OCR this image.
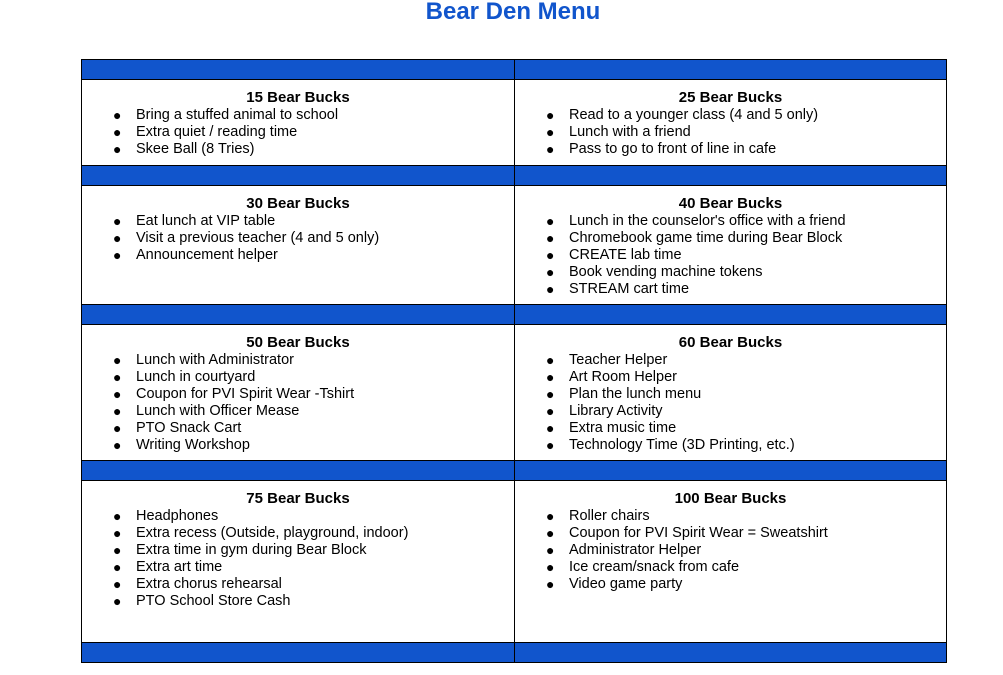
Bear Den Menu
15 Bear Bucks
● Bring a stuffed animal to school
● Extra quiet / reading time
● Skee Ball (8 Tries)
25 Bear Bucks
● Read to a younger class (4 and 5 only)
● Lunch with a friend
● Pass to go to front of line in cafe
30 Bear Bucks
● Eat lunch at VIP table
● Visit a previous teacher (4 and 5 only)
● Announcement helper
40 Bear Bucks
● Lunch in the counselor's office with a friend
● Chromebook game time during Bear Block
● CREATE lab time
● Book vending machine tokens
● STREAM cart time
50 Bear Bucks
● Lunch with Administrator
● Lunch in courtyard
● Coupon for PVI Spirit Wear -Tshirt
● Lunch with Officer Mease
● PTO Snack Cart
● Writing Workshop
60 Bear Bucks
● Teacher Helper
● Art Room Helper
● Plan the lunch menu
● Library Activity
● Extra music time
● Technology Time (3D Printing, etc.)
75 Bear Bucks
● Headphones
● Extra recess (Outside, playground, indoor)
● Extra time in gym during Bear Block
● Extra art time
● Extra chorus rehearsal
● PTO School Store Cash
100 Bear Bucks
● Roller chairs
● Coupon for PVI Spirit Wear = Sweatshirt
● Administrator Helper
● Ice cream/snack from cafe
● Video game party
